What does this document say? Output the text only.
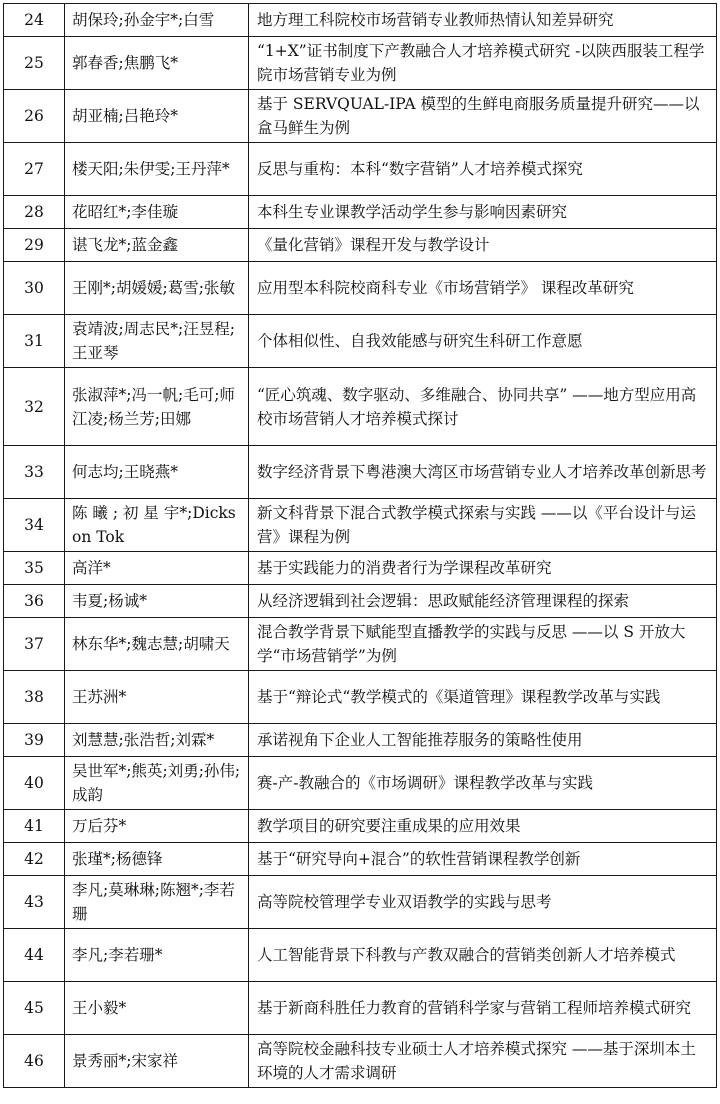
24	胡保玲;孙金宇*;白雪	地方理工科院校市场营销专业教师热情认知差异研究
25	郭春香;焦鹏飞*	“1+X”证书制度下产教融合人才培养模式研究 -以陕西服装工程学院市场营销专业为例
26	胡亚楠;吕艳玲*	基于 SERVQUAL-IPA 模型的生鲜电商服务质量提升研究——以盒马鲜生为例
27	楼天阳;朱伊雯;王丹萍*	反思与重构：本科“数字营销”人才培养模式探究
28	花昭红*;李佳璇	本科生专业课教学活动学生参与影响因素研究
29	谌飞龙*;蓝金鑫	《量化营销》课程开发与教学设计
30	王刚*;胡媛媛;葛雪;张敏	应用型本科院校商科专业《市场营销学》 课程改革研究
31	袁靖波;周志民*;汪昱程;王亚琴	个体相似性、自我效能感与研究生科研工作意愿
32	张淑萍*;冯一帆;毛可;师江凌;杨兰芳;田娜	“匠心筑魂、数字驱动、多维融合、协同共享” ——地方型应用高校市场营销人才培养模式探讨
33	何志均;王晓燕*	数字经济背景下粤港澳大湾区市场营销专业人才培养改革创新思考
34	陈 曦 ; 初 星 宇*;Dickson Tok	新文科背景下混合式教学模式探索与实践 ——以《平台设计与运营》课程为例
35	高洋*	基于实践能力的消费者行为学课程改革研究
36	韦夏;杨诚*	从经济逻辑到社会逻辑：思政赋能经济管理课程的探索
37	林东华*;魏志慧;胡啸天	混合教学背景下赋能型直播教学的实践与反思 ——以 S 开放大学“市场营销学”为例
38	王苏洲*	基于“辩论式“教学模式的《渠道管理》课程教学改革与实践
39	刘慧慧;张浩哲;刘霖*	承诺视角下企业人工智能推荐服务的策略性使用
40	吴世军*;熊英;刘勇;孙伟;成韵	赛-产-教融合的《市场调研》课程教学改革与实践
41	万后芬*	教学项目的研究要注重成果的应用效果
42	张瑾*;杨德锋	基于“研究导向+混合”的软性营销课程教学创新
43	李凡;莫琳琳;陈翘*;李若珊	高等院校管理学专业双语教学的实践与思考
44	李凡;李若珊*	人工智能背景下科教与产教双融合的营销类创新人才培养模式
45	王小毅*	基于新商科胜任力教育的营销科学家与营销工程师培养模式研究
46	景秀丽*;宋家祥	高等院校金融科技专业硕士人才培养模式探究 ——基于深圳本土环境的人才需求调研
